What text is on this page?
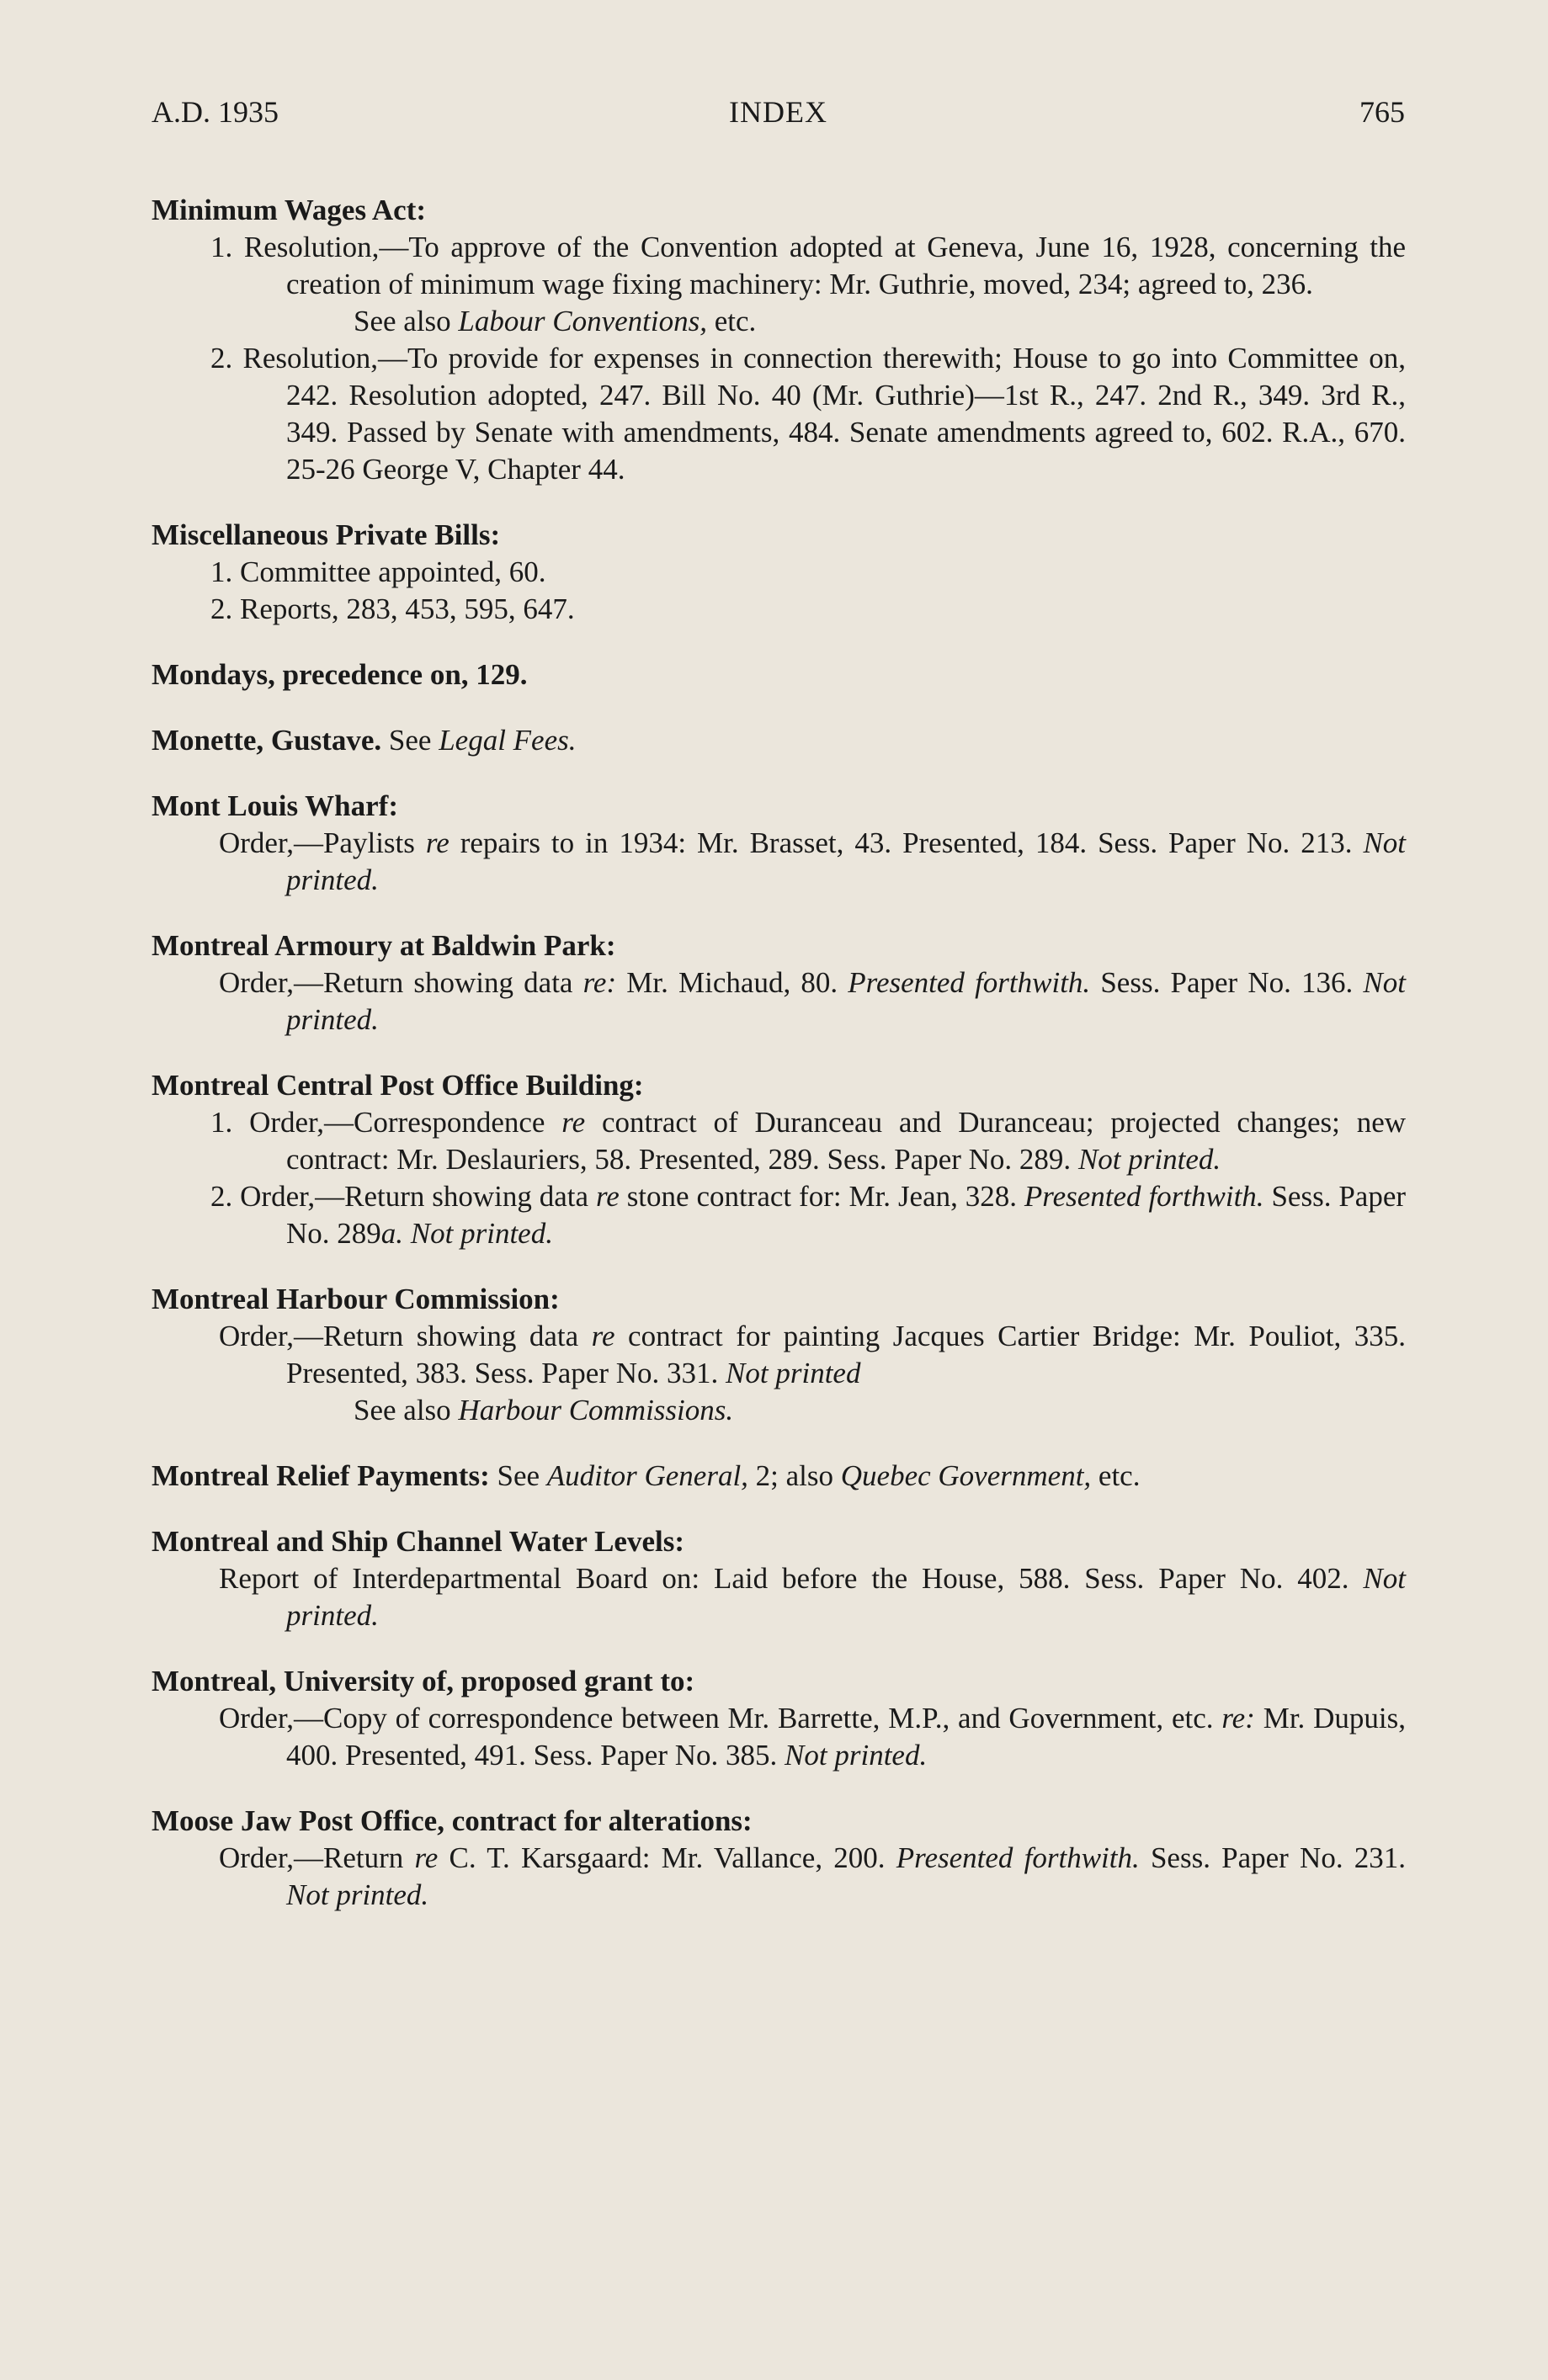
A.D. 1935	INDEX	765
Minimum Wages Act:
1. Resolution,—To approve of the Convention adopted at Geneva, June 16, 1928, concerning the creation of minimum wage fixing machinery: Mr. Guthrie, moved, 234; agreed to, 236.
See also Labour Conventions, etc.
2. Resolution,—To provide for expenses in connection therewith; House to go into Committee on, 242. Resolution adopted, 247. Bill No. 40 (Mr. Guthrie)—1st R., 247. 2nd R., 349. 3rd R., 349. Passed by Senate with amendments, 484. Senate amendments agreed to, 602. R.A., 670. 25-26 George V, Chapter 44.
Miscellaneous Private Bills:
1. Committee appointed, 60.
2. Reports, 283, 453, 595, 647.
Mondays, precedence on, 129.
Monette, Gustave. See Legal Fees.
Mont Louis Wharf:
Order,—Paylists re repairs to in 1934: Mr. Brasset, 43. Presented, 184. Sess. Paper No. 213. Not printed.
Montreal Armoury at Baldwin Park:
Order,—Return showing data re: Mr. Michaud, 80. Presented forthwith. Sess. Paper No. 136. Not printed.
Montreal Central Post Office Building:
1. Order,—Correspondence re contract of Duranceau and Duranceau; projected changes; new contract: Mr. Deslauriers, 58. Presented, 289. Sess. Paper No. 289. Not printed.
2. Order,—Return showing data re stone contract for: Mr. Jean, 328. Presented forthwith. Sess. Paper No. 289a. Not printed.
Montreal Harbour Commission:
Order,—Return showing data re contract for painting Jacques Cartier Bridge: Mr. Pouliot, 335. Presented, 383. Sess. Paper No. 331. Not printed
See also Harbour Commissions.
Montreal Relief Payments: See Auditor General, 2; also Quebec Government, etc.
Montreal and Ship Channel Water Levels:
Report of Interdepartmental Board on: Laid before the House, 588. Sess. Paper No. 402. Not printed.
Montreal, University of, proposed grant to:
Order,—Copy of correspondence between Mr. Barrette, M.P., and Government, etc. re: Mr. Dupuis, 400. Presented, 491. Sess. Paper No. 385. Not printed.
Moose Jaw Post Office, contract for alterations:
Order,—Return re C. T. Karsgaard: Mr. Vallance, 200. Presented forthwith. Sess. Paper No. 231. Not printed.
